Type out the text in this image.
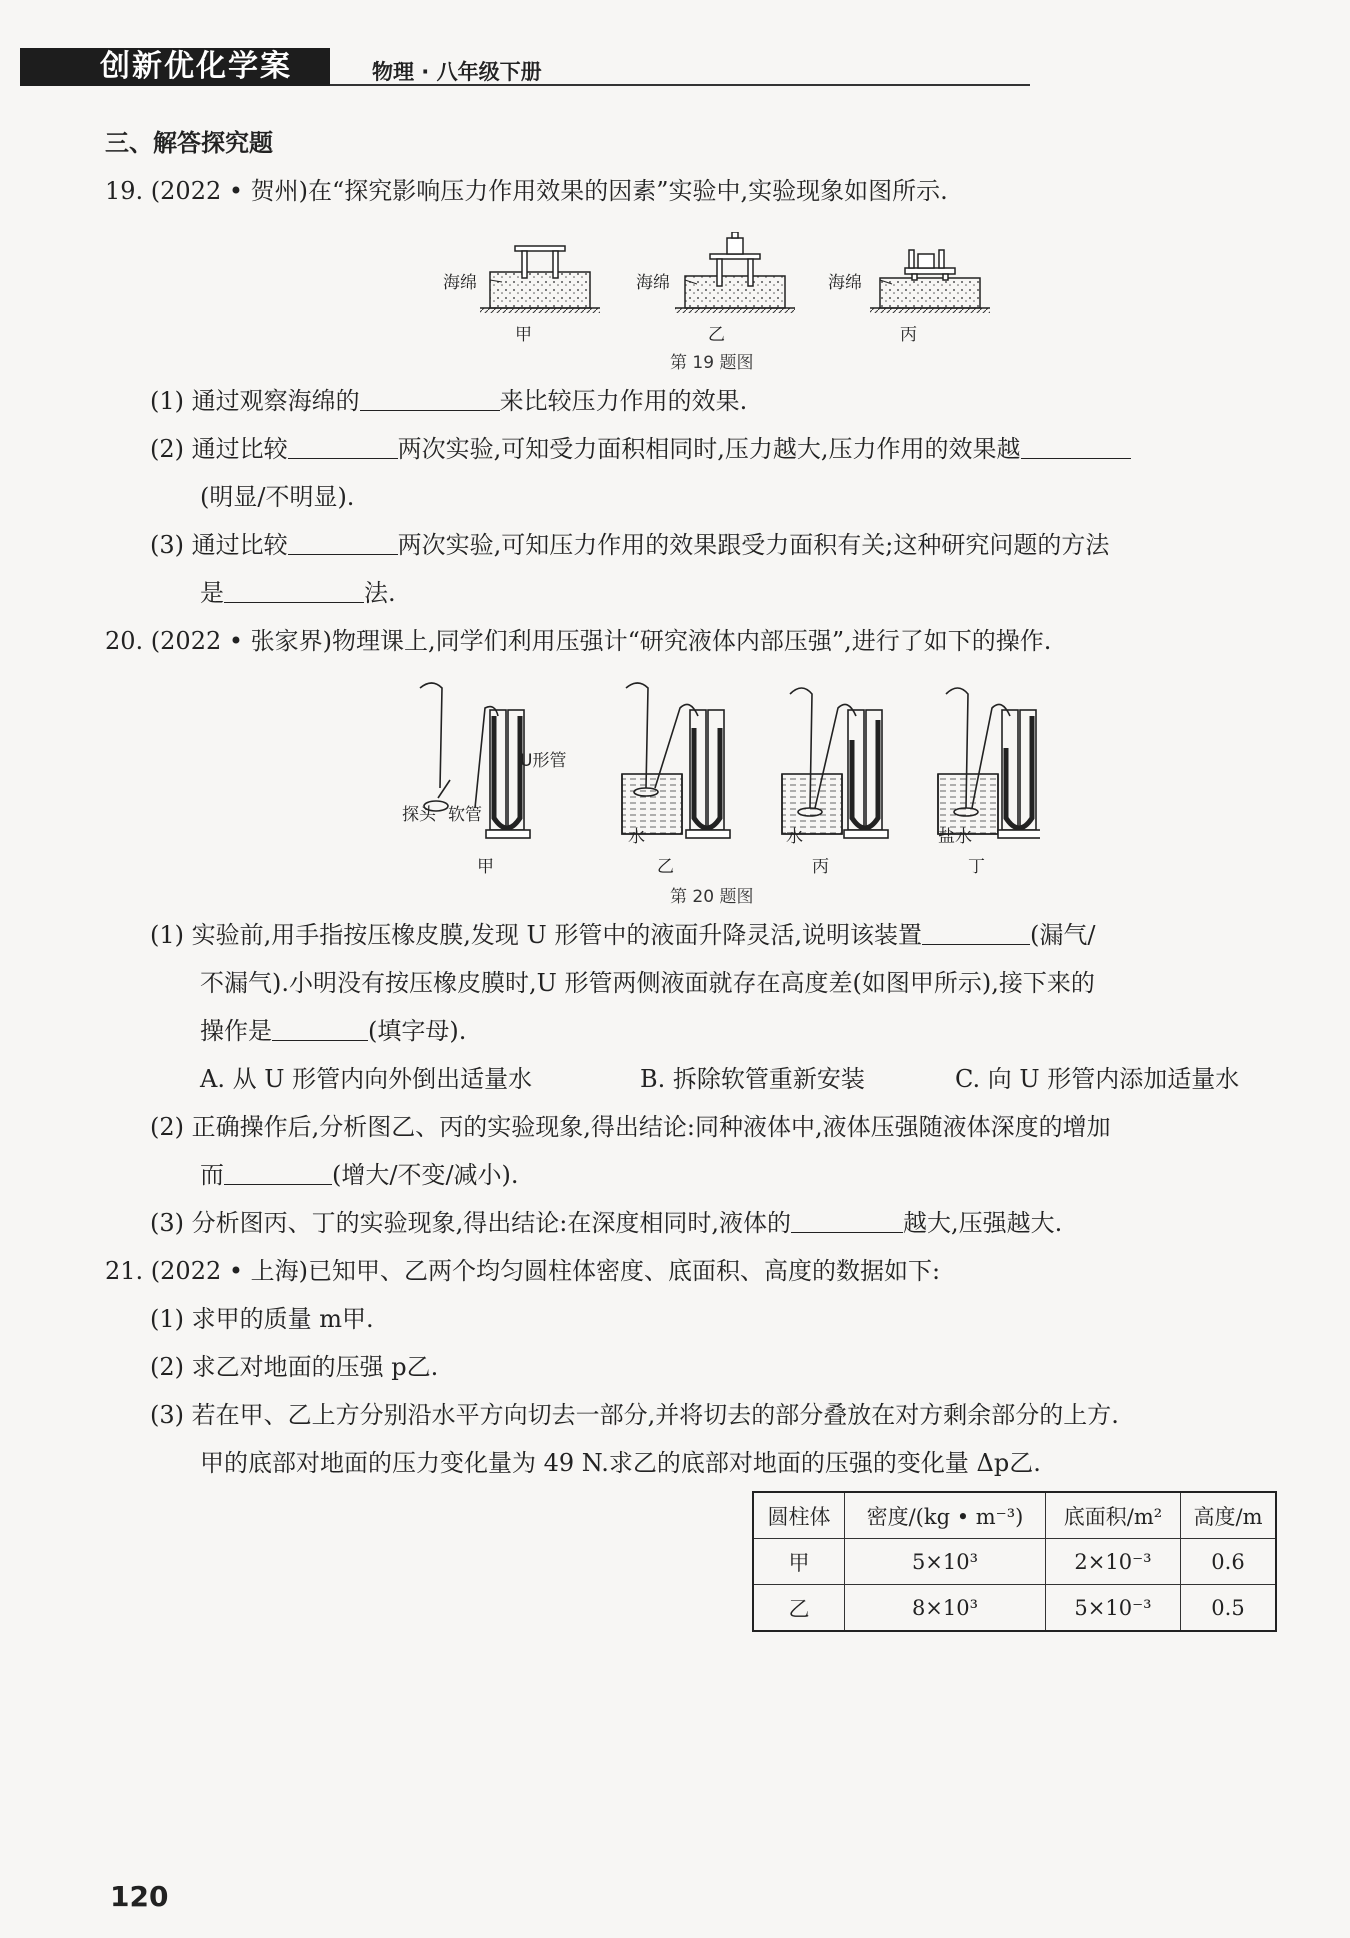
创新优化学案	物理 · 八年级下册
三、解答探究题
19. (2022 • 贺州)在“探究影响压力作用效果的因素”实验中,实验现象如图所示.
海绵	海绵	海绵
甲	乙	丙
第 19 题图
(1) 通过观察海绵的	来比较压力作用的效果.
(2) 通过比较	两次实验,可知受力面积相同时,压力越大,压力作用的效果越
(明显/不明显).
(3) 通过比较	两次实验,可知压力作用的效果跟受力面积有关;这种研究问题的方法
是	法.
20. (2022 • 张家界)物理课上,同学们利用压强计“研究液体内部压强”,进行了如下的操作.
U形管
探头 软管
水	水	盐水
甲	乙	丙	丁
第 20 题图
(1) 实验前,用手指按压橡皮膜,发现 U 形管中的液面升降灵活,说明该装置	(漏气/
不漏气).小明没有按压橡皮膜时,U 形管两侧液面就存在高度差(如图甲所示),接下来的
操作是	(填字母).
A. 从 U 形管内向外倒出适量水	B. 拆除软管重新安装	C. 向 U 形管内添加适量水
(2) 正确操作后,分析图乙、丙的实验现象,得出结论:同种液体中,液体压强随液体深度的增加
而	(增大/不变/减小).
(3) 分析图丙、丁的实验现象,得出结论:在深度相同时,液体的	越大,压强越大.
21. (2022 • 上海)已知甲、乙两个均匀圆柱体密度、底面积、高度的数据如下:
(1) 求甲的质量 m甲.
(2) 求乙对地面的压强 p乙.
(3) 若在甲、乙上方分别沿水平方向切去一部分,并将切去的部分叠放在对方剩余部分的上方.
甲的底部对地面的压力变化量为 49 N.求乙的底部对地面的压强的变化量 Δp乙.
圆柱体	密度/(kg • m⁻³)	底面积/m²	高度/m
甲	5×10³	2×10⁻³	0.6
乙	8×10³	5×10⁻³	0.5
120
